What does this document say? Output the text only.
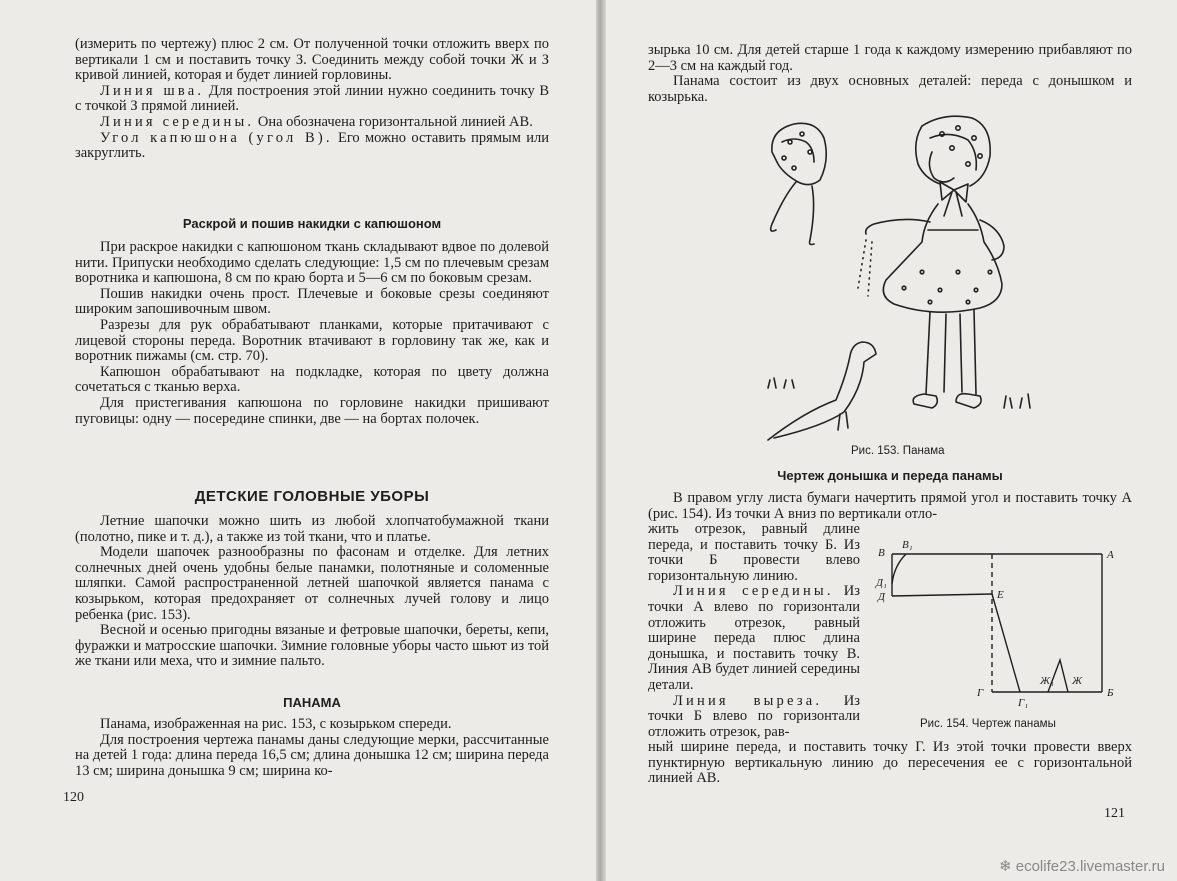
(измерить по чертежу) плюс 2 см. От полученной точки отложить вверх по вертикали 1 см и поставить точку З. Соединить между собой точки Ж и З кривой линией, которая и будет линией горловины.

Линия шва. Для построения этой линии нужно соединить точку В с точкой З прямой линией.

Линия середины. Она обозначена горизонтальной линией АВ.

Угол капюшона (угол В). Его можно оставить прямым или закруглить.

Раскрой и пошив накидки с капюшоном

При раскрое накидки с капюшоном ткань складывают вдвое по долевой нити. Припуски необходимо сделать следующие: 1,5 см по плечевым срезам воротника и капюшона, 8 см по краю борта и 5—6 см по боковым срезам.

Пошив накидки очень прост. Плечевые и боковые срезы соединяют широким запошивочным швом.

Разрезы для рук обрабатывают планками, которые притачивают с лицевой стороны переда. Воротник втачивают в горловину так же, как и воротник пижамы (см. стр. 70).

Капюшон обрабатывают на подкладке, которая по цвету должна сочетаться с тканью верха.

Для пристегивания капюшона по горловине накидки пришивают пуговицы: одну — посередине спинки, две — на бортах полочек.

ДЕТСКИЕ ГОЛОВНЫЕ УБОРЫ

Летние шапочки можно шить из любой хлопчатобумажной ткани (полотно, пике и т. д.), а также из той ткани, что и платье.

Модели шапочек разнообразны по фасонам и отделке. Для летних солнечных дней очень удобны белые панамки, полотняные и соломенные шляпки. Самой распространенной летней шапочкой является панама с козырьком, которая предохраняет от солнечных лучей голову и лицо ребенка (рис. 153).

Весной и осенью пригодны вязаные и фетровые шапочки, береты, кепи, фуражки и матросские шапочки. Зимние головные уборы часто шьют из той же ткани или меха, что и зимние пальто.

ПАНАМА

Панама, изображенная на рис. 153, с козырьком спереди.

Для построения чертежа панамы даны следующие мерки, рассчитанные на детей 1 года: длина переда 16,5 см; длина донышка 12 см; ширина переда 13 см; ширина донышка 9 см; ширина ко-

120

зырька 10 см. Для детей старше 1 года к каждому измерению прибавляют по 2—3 см на каждый год.

Панама состоит из двух основных деталей: переда с донышком и козырька.

Рис. 153. Панама
Чертеж донышка и переда панамы

В правом углу листа бумаги начертить прямой угол и поставить точку А (рис. 154). Из точки А вниз по вертикали отло-

жить отрезок, равный длине переда, и поставить точку Б. Из точки Б провести влево горизонтальную линию.

Линия середины. Из точки А влево по горизонтали отложить отрезок, равный ширине переда плюс длина донышка, и поставить точку В. Линия АВ будет линией середины детали.

Линия выреза. Из точки Б влево по горизонтали отложить отрезок, рав-

В
В₁
А
Д₁
Д	Е
Ж₁ Ж
Г
Г₁
Б
Рис. 154. Чертеж панамы

ный ширине переда, и поставить точку Г. Из этой точки провести вверх пунктирную вертикальную линию до пересечения ее с горизонтальной линией АВ.

121
❄ ecolife23.livemaster.ru
